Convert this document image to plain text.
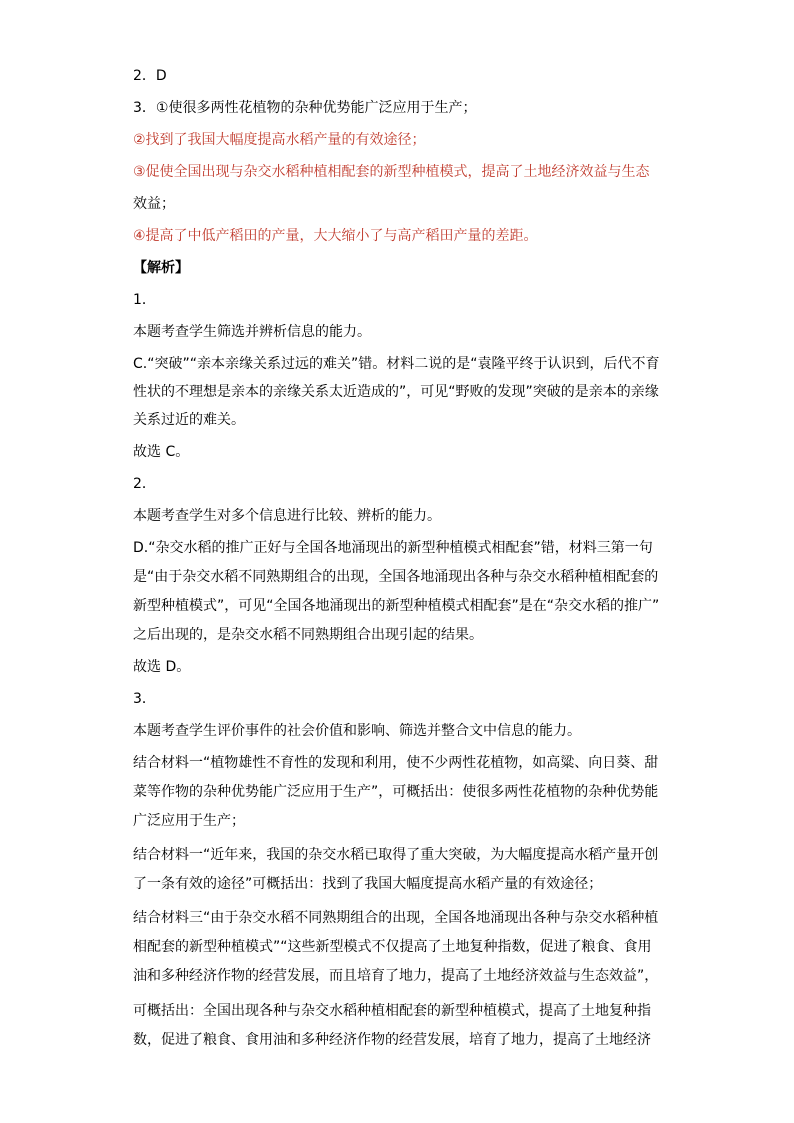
2．D
3．①使很多两性花植物的杂种优势能广泛应用于生产；
②找到了我国大幅度提高水稻产量的有效途径；
③促使全国出现与杂交水稻种植相配套的新型种植模式，提高了土地经济效益与生态
效益；
④提高了中低产稻田的产量，大大缩小了与高产稻田产量的差距。
【解析】
1．
本题考查学生筛选并辨析信息的能力。
C.“突破”“亲本亲缘关系过远的难关”错。材料二说的是“袁隆平终于认识到，后代不育
性状的不理想是亲本的亲缘关系太近造成的”，可见“野败的发现”突破的是亲本的亲缘
关系过近的难关。
故选 C。
2．
本题考查学生对多个信息进行比较、辨析的能力。
D.“杂交水稻的推广正好与全国各地涌现出的新型种植模式相配套”错，材料三第一句
是“由于杂交水稻不同熟期组合的出现，全国各地涌现出各种与杂交水稻种植相配套的
新型种植模式”，可见“全国各地涌现出的新型种植模式相配套”是在“杂交水稻的推广”
之后出现的，是杂交水稻不同熟期组合出现引起的结果。
故选 D。
3．
本题考查学生评价事件的社会价值和影响、筛选并整合文中信息的能力。
结合材料一“植物雄性不育性的发现和利用，使不少两性花植物，如高粱、向日葵、甜
菜等作物的杂种优势能广泛应用于生产”，可概括出：使很多两性花植物的杂种优势能
广泛应用于生产；
结合材料一“近年来，我国的杂交水稻已取得了重大突破，为大幅度提高水稻产量开创
了一条有效的途径”可概括出：找到了我国大幅度提高水稻产量的有效途径；
结合材料三“由于杂交水稻不同熟期组合的出现，全国各地涌现出各种与杂交水稻种植
相配套的新型种植模式”“这些新型模式不仅提高了土地复种指数，促进了粮食、食用
油和多种经济作物的经营发展，而且培育了地力，提高了土地经济效益与生态效益”，
可概括出：全国出现各种与杂交水稻种植相配套的新型种植模式，提高了土地复种指
数，促进了粮食、食用油和多种经济作物的经营发展，培育了地力，提高了土地经济
